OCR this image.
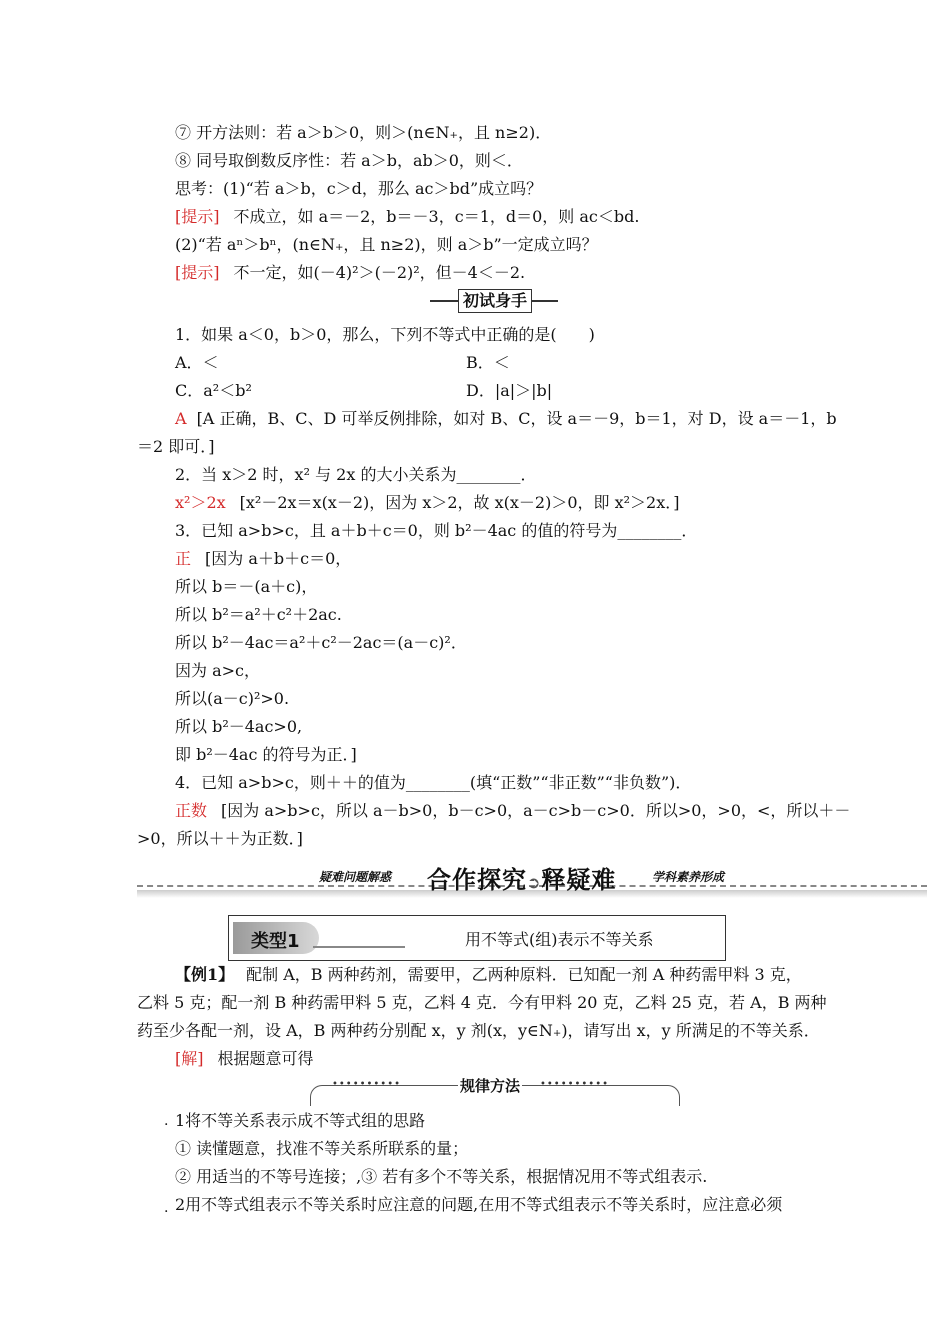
⑦ 开方法则：若 a＞b＞0，则＞(n∈N₊，且 n≥2)．
⑧ 同号取倒数反序性：若 a＞b，ab＞0，则＜．
思考：(1)“若 a＞b，c＞d，那么 ac＞bd”成立吗？
[提示] 不成立，如 a＝－2，b＝－3，c＝1，d＝0，则 ac＜bd.
(2)“若 aⁿ＞bⁿ，(n∈N₊，且 n≥2)，则 a＞b”一定成立吗？
[提示] 不一定，如(－4)²＞(－2)²，但－4＜－2.
初试身手
1．如果 a＜0，b＞0，那么，下列不等式中正确的是(　　)
A．＜	B．＜
C．a²＜b²	D．|a|＞|b|
A [A 正确，B、C、D 可举反例排除，如对 B、C，设 a＝－9，b＝1，对 D，设 a＝－1，b
＝2 即可．]
2．当 x＞2 时，x² 与 2x 的大小关系为________．
x²＞2x [x²－2x＝x(x－2)，因为 x＞2，故 x(x－2)＞0，即 x²＞2x．]
3．已知 a>b>c，且 a＋b＋c＝0，则 b²－4ac 的值的符号为________．
正 [因为 a＋b＋c＝0，
所以 b＝－(a＋c)，
所以 b²＝a²＋c²＋2ac.
所以 b²－4ac＝a²＋c²－2ac＝(a－c)²．
因为 a>c，
所以(a－c)²>0.
所以 b²－4ac>0,
即 b²－4ac 的符号为正．]
4．已知 a>b>c，则＋＋的值为________(填“正数”“非正数”“非负数”)．
正数 [因为 a>b>c，所以 a－b>0，b－c>0，a－c>b－c>0．所以>0，>0，<，所以＋－
>0，所以＋＋为正数．]
疑难问题解惑 合作探究➲释疑难	学科素养形成
类型1	用不等式(组)表示不等关系
【例1】 配制 A，B 两种药剂，需要甲，乙两种原料．已知配一剂 A 种药需甲料 3 克，
乙料 5 克；配一剂 B 种药需甲料 5 克，乙料 4 克．今有甲料 20 克，乙料 25 克，若 A，B 两种
药至少各配一剂，设 A，B 两种药分别配 x，y 剂(x，y∈N₊)，请写出 x，y 所满足的不等关系．
[解] 根据题意可得
••••••••••	规律方法 ••••••••••
. 1将不等关系表示成不等式组的思路
① 读懂题意，找准不等关系所联系的量；
② 用适当的不等号连接；,③ 若有多个不等关系，根据情况用不等式组表示.
. 2用不等式组表示不等关系时应注意的问题,在用不等式组表示不等关系时，应注意必须
